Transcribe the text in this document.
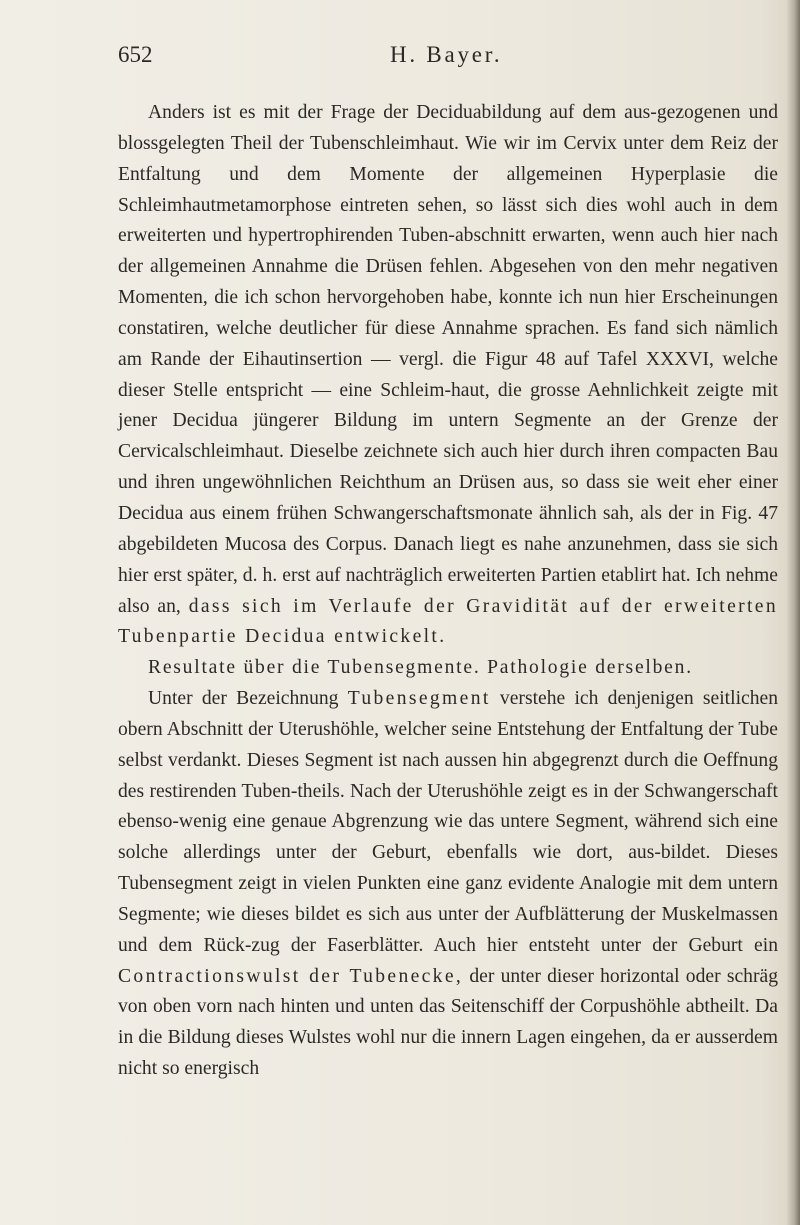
652	H. Bayer.

Anders ist es mit der Frage der Deciduabildung auf dem aus-gezogenen und blossgelegten Theil der Tubenschleimhaut. Wie wir im Cervix unter dem Reiz der Entfaltung und dem Momente der allgemeinen Hyperplasie die Schleimhautmetamorphose eintreten sehen, so lässt sich dies wohl auch in dem erweiterten und hypertrophirenden Tuben-abschnitt erwarten, wenn auch hier nach der allgemeinen Annahme die Drüsen fehlen. Abgesehen von den mehr negativen Momenten, die ich schon hervorgehoben habe, konnte ich nun hier Erscheinungen constatiren, welche deutlicher für diese Annahme sprachen. Es fand sich nämlich am Rande der Eihautinsertion — vergl. die Figur 48 auf Tafel XXXVI, welche dieser Stelle entspricht — eine Schleim-haut, die grosse Aehnlichkeit zeigte mit jener Decidua jüngerer Bildung im untern Segmente an der Grenze der Cervicalschleimhaut. Dieselbe zeichnete sich auch hier durch ihren compacten Bau und ihren ungewöhnlichen Reichthum an Drüsen aus, so dass sie weit eher einer Decidua aus einem frühen Schwangerschaftsmonate ähnlich sah, als der in Fig. 47 abgebildeten Mucosa des Corpus. Danach liegt es nahe anzunehmen, dass sie sich hier erst später, d. h. erst auf nachträglich erweiterten Partien etablirt hat. Ich nehme also an, dass sich im Verlaufe der Gravidität auf der erweiterten Tubenpartie Decidua entwickelt.

Resultate über die Tubensegmente. Pathologie derselben.

Unter der Bezeichnung Tubensegment verstehe ich denjenigen seitlichen obern Abschnitt der Uterushöhle, welcher seine Entstehung der Entfaltung der Tube selbst verdankt. Dieses Segment ist nach aussen hin abgegrenzt durch die Oeffnung des restirenden Tuben-theils. Nach der Uterushöhle zeigt es in der Schwangerschaft ebenso-wenig eine genaue Abgrenzung wie das untere Segment, während sich eine solche allerdings unter der Geburt, ebenfalls wie dort, aus-bildet. Dieses Tubensegment zeigt in vielen Punkten eine ganz evidente Analogie mit dem untern Segmente; wie dieses bildet es sich aus unter der Aufblätterung der Muskelmassen und dem Rück-zug der Faserblätter. Auch hier entsteht unter der Geburt ein Contractionswulst der Tubenecke, der unter dieser horizontal oder schräg von oben vorn nach hinten und unten das Seitenschiff der Corpushöhle abtheilt. Da in die Bildung dieses Wulstes wohl nur die innern Lagen eingehen, da er ausserdem nicht so energisch
